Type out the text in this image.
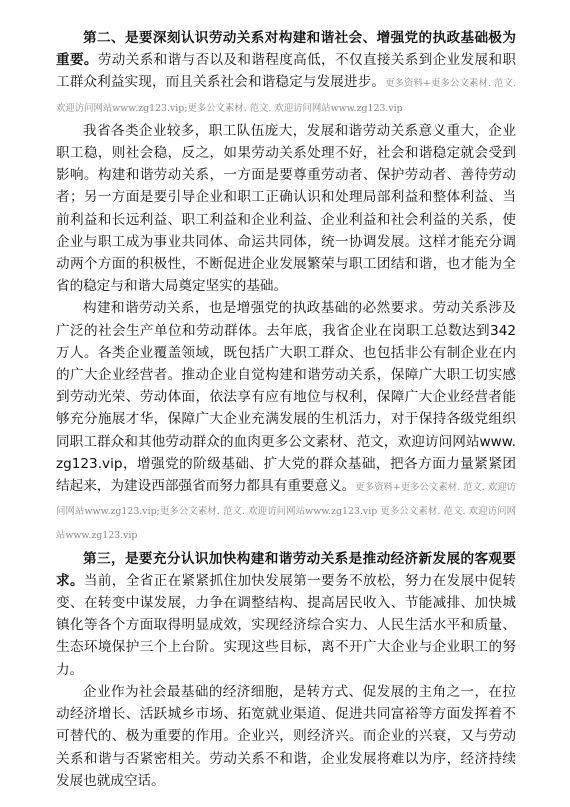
第二、是要深刻认识劳动关系对构建和谐社会、增强党的执政基础极为重要。劳动关系和谐与否以及和谐程度高低，不仅直接关系到企业发展和职工群众利益实现，而且关系社会和谐稳定与发展进步。更多资料+更多公文素材. 范文. 欢迎访问网站www.zg123.vip;更多公文素材. 范文. 欢迎访问网站www.zg123.vip

我省各类企业较多，职工队伍庞大，发展和谐劳动关系意义重大，企业职工稳，则社会稳，反之，如果劳动关系处理不好，社会和谐稳定就会受到影响。构建和谐劳动关系，一方面是要尊重劳动者、保护劳动者、善待劳动者；另一方面是要引导企业和职工正确认识和处理局部利益和整体利益、当前利益和长远利益、职工利益和企业利益、企业利益和社会利益的关系，使企业与职工成为事业共同体、命运共同体，统一协调发展。这样才能充分调动两个方面的积极性，不断促进企业发展繁荣与职工团结和谐，也才能为全省的稳定与和谐大局奠定坚实的基础。

构建和谐劳动关系，也是增强党的执政基础的必然要求。劳动关系涉及广泛的社会生产单位和劳动群体。去年底，我省企业在岗职工总数达到342万人。各类企业覆盖领域，既包括广大职工群众、也包括非公有制企业在内的广大企业经营者。推动企业自觉构建和谐劳动关系，保障广大职工切实感到劳动光荣、劳动体面，依法享有应有地位与权利，保障广大企业经营者能够充分施展才华，保障广大企业充满发展的生机活力，对于保持各级党组织同职工群众和其他劳动群众的血肉更多公文素材、范文，欢迎访问网站www.zg123.vip，增强党的阶级基础、扩大党的群众基础，把各方面力量紧紧团结起来，为建设西部强省而努力都具有重要意义。更多资料+更多公文素材. 范文. 欢迎访问网站www.zg123.vip;更多公文素材. 范文. 欢迎访问网站www.zg123.vip 更多公文素材. 范文. 欢迎访问网站www.zg123.vip

第三，是要充分认识加快构建和谐劳动关系是推动经济新发展的客观要求。当前，全省正在紧紧抓住加快发展第一要务不放松，努力在发展中促转变、在转变中谋发展，力争在调整结构、提高居民收入、节能减排、加快城镇化等各个方面取得明显成效，实现经济综合实力、人民生活水平和质量、生态环境保护三个上台阶。实现这些目标，离不开广大企业与企业职工的努力。

企业作为社会最基础的经济细胞，是转方式、促发展的主角之一，在拉动经济增长、活跃城乡市场、拓宽就业渠道、促进共同富裕等方面发挥着不可替代的、极为重要的作用。企业兴，则经济兴。而企业的兴衰，又与劳动关系和谐与否紧密相关。劳动关系不和谐，企业发展将难以为序，经济持续发展也就成空话。
